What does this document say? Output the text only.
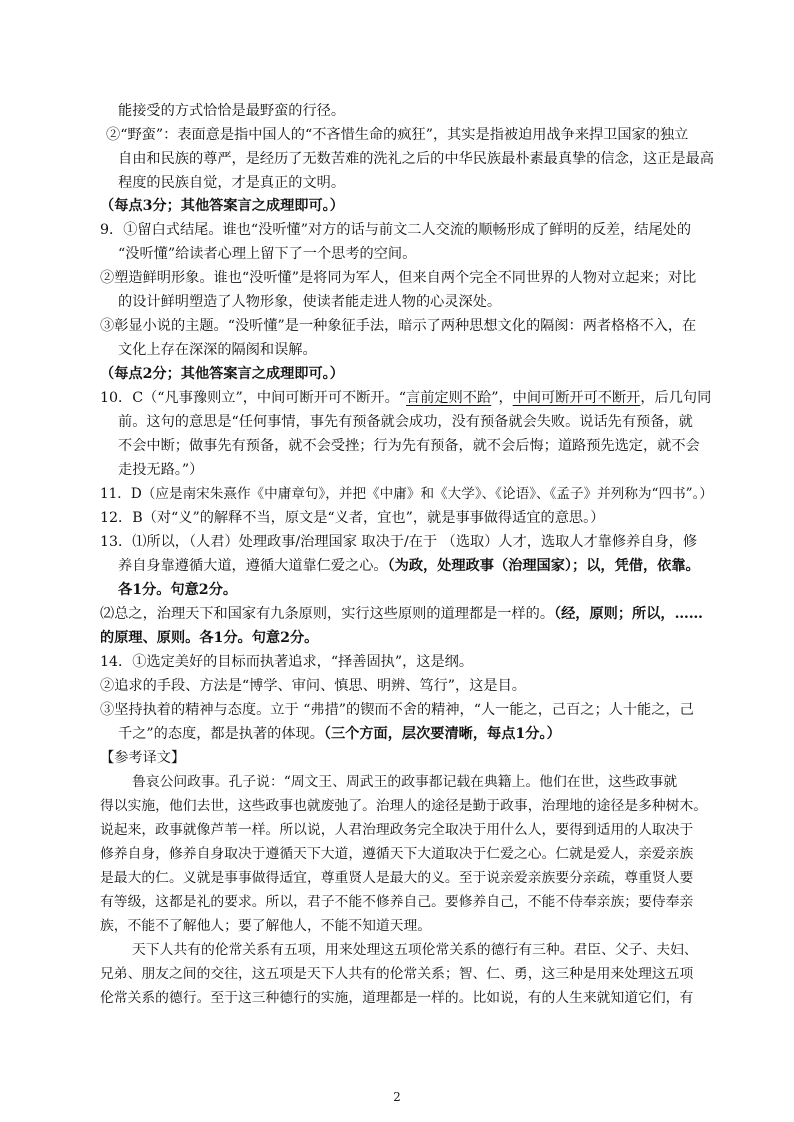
能接受的方式恰恰是最野蛮的行径。
②“野蛮”：表面意是指中国人的“不吝惜生命的疯狂”，其实是指被迫用战争来捍卫国家的独立
自由和民族的尊严，是经历了无数苦难的洗礼之后的中华民族最朴素最真挚的信念，这正是最高
程度的民族自觉，才是真正的文明。
（每点3分；其他答案言之成理即可。）
9．①留白式结尾。谁也“没听懂”对方的话与前文二人交流的顺畅形成了鲜明的反差，结尾处的
“没听懂”给读者心理上留下了一个思考的空间。
②塑造鲜明形象。谁也“没听懂”是将同为军人，但来自两个完全不同世界的人物对立起来；对比
的设计鲜明塑造了人物形象，使读者能走进人物的心灵深处。
③彰显小说的主题。“没听懂”是一种象征手法，暗示了两种思想文化的隔阂：两者格格不入，在
文化上存在深深的隔阂和误解。
（每点2分；其他答案言之成理即可。）
10．C（“凡事豫则立”，中间可断开可不断开。“言前定则不跲”，中间可断开可不断开，后几句同
前。这句的意思是“任何事情，事先有预备就会成功，没有预备就会失败。说话先有预备，就
不会中断；做事先有预备，就不会受挫；行为先有预备，就不会后悔；道路预先选定，就不会
走投无路。”）
11．D（应是南宋朱熹作《中庸章句》，并把《中庸》和《大学》、《论语》、《孟子》并列称为“四书”。）
12．B（对“义”的解释不当，原文是“义者，宜也”，就是事事做得适宜的意思。）
13．⑴所以，（人君）处理政事/治理国家 取决于/在于 （选取）人才，选取人才靠修养自身，修
养自身靠遵循大道，遵循大道靠仁爱之心。（为政，处理政事（治理国家）；以，凭借，依靠。
各1分。句意2分。
⑵总之，治理天下和国家有九条原则，实行这些原则的道理都是一样的。（经，原则；所以，……
的原理、原则。各1分。句意2分。
14．①选定美好的目标而执著追求，“择善固执”，这是纲。
②追求的手段、方法是“博学、审问、慎思、明辨、笃行”，这是目。
③坚持执着的精神与态度。立于 “弗措”的锲而不舍的精神，“人一能之，己百之；人十能之，己
千之”的态度，都是执著的体现。（三个方面，层次要清晰，每点1分。）
【参考译文】
鲁哀公问政事。孔子说：“周文王、周武王的政事都记载在典籍上。他们在世，这些政事就
得以实施，他们去世，这些政事也就废弛了。治理人的途径是勤于政事，治理地的途径是多种树木。
说起来，政事就像芦苇一样。所以说，人君治理政务完全取决于用什么人，要得到适用的人取决于
修养自身，修养自身取决于遵循天下大道，遵循天下大道取决于仁爱之心。仁就是爱人，亲爱亲族
是最大的仁。义就是事事做得适宜，尊重贤人是最大的义。至于说亲爱亲族要分亲疏，尊重贤人要
有等级，这都是礼的要求。所以，君子不能不修养自己。要修养自己，不能不侍奉亲族；要侍奉亲
族，不能不了解他人；要了解他人，不能不知道天理。
天下人共有的伦常关系有五项，用来处理这五项伦常关系的德行有三种。君臣、父子、夫妇、
兄弟、朋友之间的交往，这五项是天下人共有的伦常关系；智、仁、勇，这三种是用来处理这五项
伦常关系的德行。至于这三种德行的实施，道理都是一样的。比如说，有的人生来就知道它们，有
2
